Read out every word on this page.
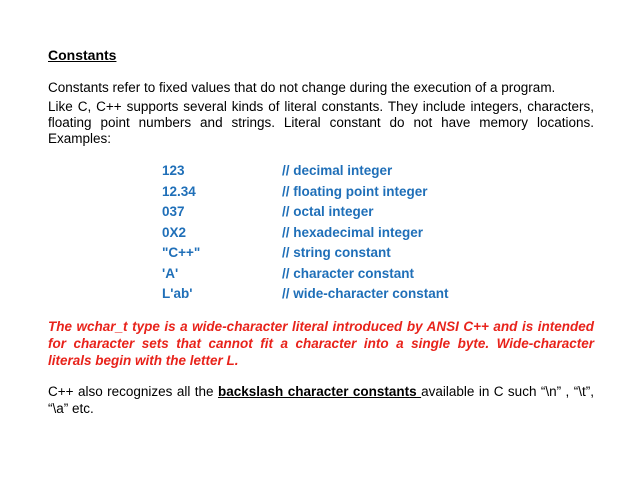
Constants

Constants refer to fixed values that do not change during the execution of a program.

Like C, C++ supports several kinds of literal constants. They include integers, characters, floating point numbers and strings. Literal constant do not have memory locations. Examples:

123	// decimal integer
12.34	// floating point integer
037	// octal integer
0X2	// hexadecimal integer
"C++"	// string constant
'A'	// character constant
L'ab'	// wide-character constant

The wchar_t type is a wide-character literal introduced by ANSI C++ and is intended for character sets that cannot fit a character into a single byte. Wide-character literals begin with the letter L.

C++ also recognizes all the backslash character constants available in C such “\n” , “\t”, “\a” etc.
